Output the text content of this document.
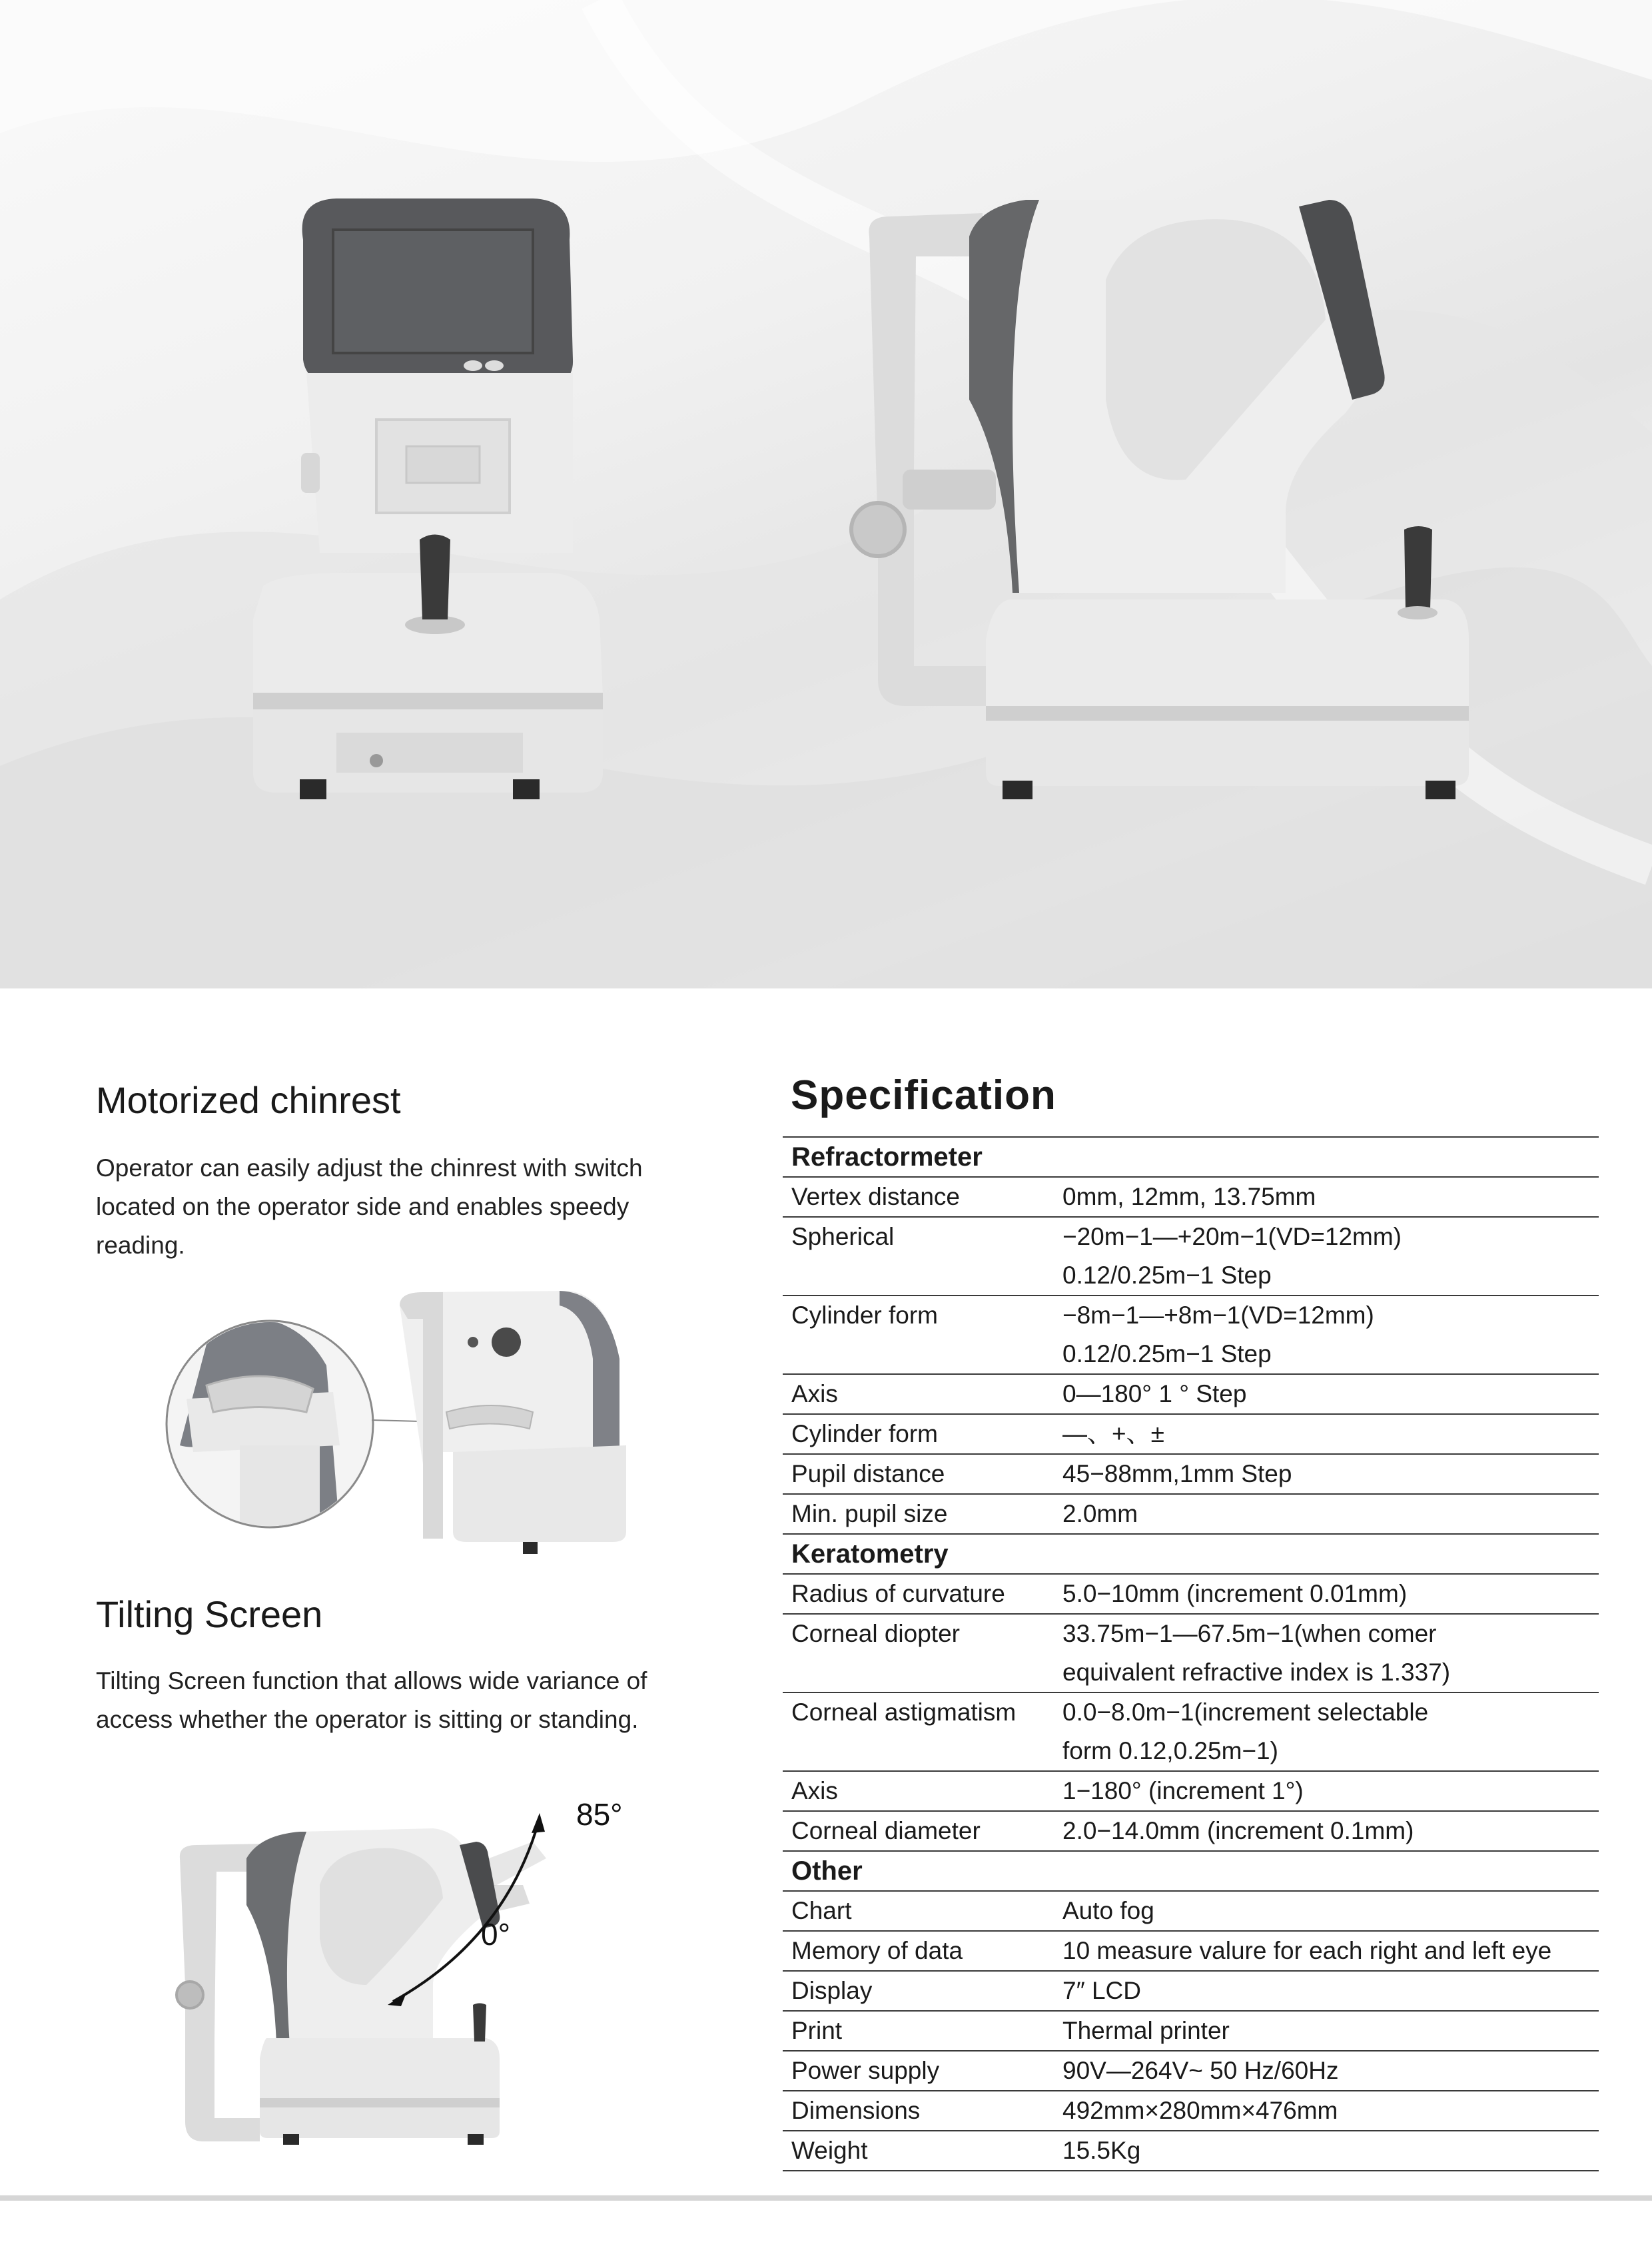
Motorized chinrest

Operator can easily adjust the chinrest with switch
located on the operator side and enables speedy
reading.

Tilting Screen

Tilting Screen function that allows wide variance of
access whether the operator is sitting or standing.

85°
0°
Specification
Refractormeter	
Vertex distance	0mm, 12mm, 13.75mm

Spherical	−20m−1—+20m−1(VD=12mm)
0.12/0.25m−1 Step

Cylinder form	−8m−1—+8m−1(VD=12mm)
0.12/0.25m−1 Step

Axis	0—180° 1 ° Step

Cylinder form	—、+、±

Pupil distance	45−88mm,1mm Step

Min. pupil size	2.0mm

Keratometry	
Radius of curvature	5.0−10mm (increment 0.01mm)

Corneal diopter	33.75m−1—67.5m−1(when comer
equivalent refractive index is 1.337)

Corneal astigmatism	0.0−8.0m−1(increment selectable
form 0.12,0.25m−1)

Axis	1−180° (increment 1°)

Corneal diameter	2.0−14.0mm (increment 0.1mm)

Other	
Chart	Auto fog

Memory of data	10 measure valure for each right and left eye

Display	7″ LCD

Print	Thermal printer

Power supply	90V—264V~ 50 Hz/60Hz

Dimensions	492mm×280mm×476mm

Weight	15.5Kg
